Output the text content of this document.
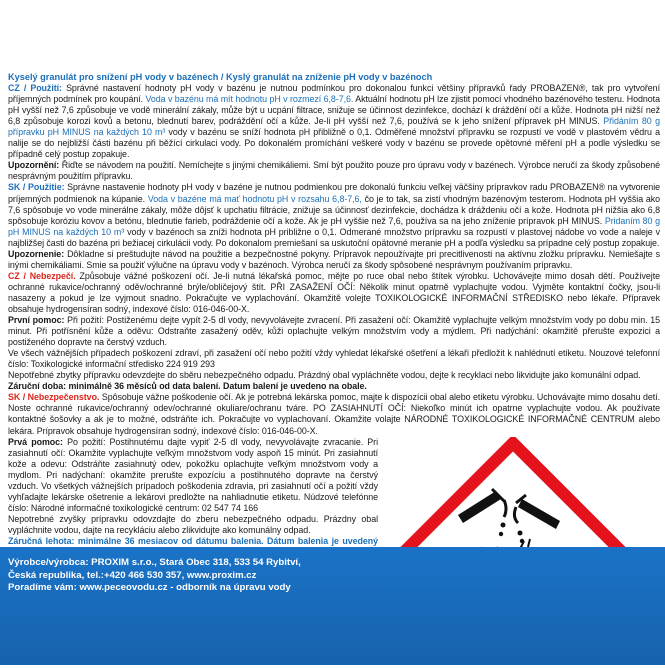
Kyselý granulát pro snížení pH vody v bazénech / Kyslý granulát na zníženie pH vody v bazénoch

CZ / Použití: Správné nastavení hodnoty pH vody v bazénu je nutnou podmínkou pro dokonalou funkci většiny přípravků řady PROBAZEN®, tak pro vytvoření příjemných podmínek pro koupání. Voda v bazénu má mít hodnotu pH v rozmezí 6,8-7,6. Aktuální hodnotu pH lze zjistit pomocí vhodného bazénového testeru. Hodnota pH vyšší než 7,6 způsobuje ve vodě minerální zákaly, může být u ucpání filtrace, snižuje se účinnost dezinfekce, dochází k dráždění očí a kůže. Hodnota pH nižší než 6,8 způsobuje korozi kovů a betonu, blednutí barev, podráždění očí a kůže. Je-li pH vyšší než 7,6, používá se k jeho snížení přípravek pH MINUS. Přidáním 80 g přípravku pH MINUS na každých 10 m³ vody v bazénu se sníží hodnota pH přibližně o 0,1. Odměřené množství přípravku se rozpustí ve vodě v plastovém vědru a nalije se do nejbližší části bazénu při běžící cirkulaci vody. Po dokonalém promíchání veškeré vody v bazénu se provede opětovné měření pH a podle výsledku se případně celý postup zopakuje.

Upozornění: Řiďte se návodem na použití. Nemíchejte s jinými chemikáliemi. Smí být použito pouze pro úpravu vody v bazénech. Výrobce neručí za škody způsobené nesprávným použitím přípravku.

SK / Použitie: Správne nastavenie hodnoty pH vody v bazéne je nutnou podmienkou pre dokonalú funkciu veľkej väčšiny prípravkov radu PROBAZEN® na vytvorenie príjemných podmienok na kúpanie. Voda v bazéne má mať hodnotu pH v rozsahu 6,8-7,6, čo je to tak, sa zistí vhodným bazénovým testerom. Hodnota pH vyššia ako 7,6 spôsobuje vo vode minerálne zákaly, môže dôjsť k upchatiu filtrácie, znižuje sa účinnosť dezinfekcie, dochádza k dráždeniu očí a kože. Hodnota pH nižšia ako 6,8 spôsobuje koróziu kovov a betónu, blednutie farieb, podráždenie očí a kože. Ak je pH vyššie než 7,6, používa sa na jeho zníženie prípravok pH MINUS. Pridaním 80 g pH MINUS na každých 10 m³ vody v bazénoch sa zníži hodnota pH približne o 0,1. Odmerané množstvo prípravku sa rozpustí v plastovej nádobe vo vode a naleje v najbližšej časti do bazéna pri bežiacej cirkulácii vody. Po dokonalom premiešaní sa uskutoční opätovné meranie pH a podľa výsledku sa prípadne celý postup zopakuje.

Upozornenie: Dôkladne si preštudujte návod na použitie a bezpečnostné pokyny. Prípravok nepoužívajte pri precitlivenosti na aktívnu zložku prípravku. Nemiešajte s inými chemikáliami. Smie sa použiť výlučne na úpravu vody v bazénoch. Výrobca neručí za škody spôsobené nesprávnym používaním prípravku.

CZ / Nebezpečí. Způsobuje vážné poškození očí. Je-li nutná lékařská pomoc, mějte po ruce obal nebo štítek výrobku. Uchovávejte mimo dosah dětí. Používejte ochranné rukavice/ochranný oděv/ochranné brýle/obličejový štít. PŘI ZASAŽENÍ OČÍ: Několik minut opatrně vyplachujte vodou. Vyjměte kontaktní čočky, jsou-li nasazeny a pokud je lze vyjmout snadno. Pokračujte ve vyplachování. Okamžitě volejte TOXIKOLOGICKÉ INFORMAČNÍ STŘEDISKO nebo lékaře. Přípravek obsahuje hydrogensíran sodný, indexové číslo: 016-046-00-X.

První pomoc: Při požití: Postiženému dejte vypít 2-5 dl vody, nevyvolávejte zvracení. Při zasažení očí: Okamžitě vyplachujte velkým množstvím vody po dobu min. 15 minut. Při potřísnění kůže a oděvu: Odstraňte zasažený oděv, kůži oplachujte velkým množstvím vody a mýdlem. Při nadýchání: okamžitě přerušte expozici a postiženého dopravte na čerstvý vzduch.

Ve všech vážnějších případech poškození zdraví, při zasažení očí nebo požití vždy vyhledat lékařské ošetření a lékaři předložit k nahlédnutí etiketu. Nouzové telefonní číslo: Toxikologické informační středisko 224 919 293

Nepotřebné zbytky přípravku odevzdejte do sběru nebezpečného odpadu. Prázdný obal vypláchněte vodou, dejte k recyklaci nebo likvidujte jako komunální odpad.

Záruční doba: minimálně 36 měsíců od data balení. Datum balení je uvedeno na obale.

SK / Nebezpečenstvo. Spôsobuje vážne poškodenie očí. Ak je potrebná lekárska pomoc, majte k dispozícii obal alebo etiketu výrobku. Uchovávajte mimo dosahu detí. Noste ochranné rukavice/ochranný odev/ochranné okuliare/ochranu tváre. PO ZASIAHNUTÍ OČÍ: Niekoľko minút ich opatrne vyplachujte vodou. Ak používate kontaktné šošovky a ak je to možné, odstráňte ich. Pokračujte vo vyplachovaní. Okamžite volajte NÁRODNÉ TOXIKOLOGICKÉ INFORMAČNÉ CENTRUM alebo lekára. Prípravok obsahuje hydrogensíran sodný, indexové číslo: 016-046-00-X.

Prvá pomoc: Po požití: Postihnutému dajte vypiť 2-5 dl vody, nevyvolávajte zvracanie. Pri zasiahnutí očí: Okamžite vyplachujte veľkým množstvom vody aspoň 15 minút. Pri zasiahnutí kože a odevu: Odstráňte zasiahnutý odev, pokožku oplachujte veľkým množstvom vody a mydlom. Pri nadýchaní: okamžite prerušte expozíciu a postihnutého dopravte na čerstvý vzduch. Vo všetkých vážnejších prípadoch poškodenia zdravia, pri zasiahnutí očí a požití vždy vyhľadajte lekárske ošetrenie a lekárovi predložte na nahliadnutie etiketu. Núdzové telefónne číslo: Národné informačné toxikologické centrum: 02 547 74 166

Nepotrebné zvyšky prípravku odovzdajte do zberu nebezpečného odpadu. Prázdny obal vypláchnite vodou, dajte na recykláciu alebo zlikvidujte ako komunálny odpad.

Záručná lehota: minimálne 36 mesiacov od dátumu balenia. Dátum balenia je uvedený

Výrobce/výrobca: PROXIM s.r.o., Stará Obec 318, 533 54 Rybitví,
Česká republika, tel.:+420 466 530 357, www.proxim.cz
Poradíme vám: www.peceovodu.cz - odborník na úpravu vody
